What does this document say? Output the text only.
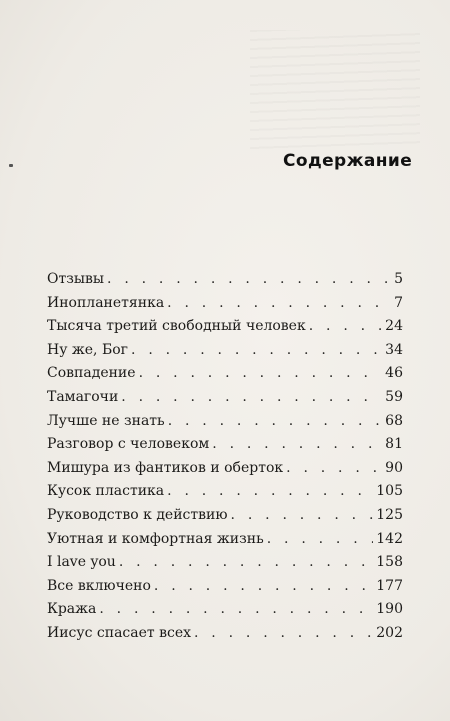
Содержание
Отзывы . . .	5
Инопланетянка . . .	7
Тысяча третий свободный человек . . .	24
Ну же, Бог . . .	34
Совпадение . . .	46
Тамагочи . . .	59
Лучше не знать . . .	68
Разговор с человеком . . .	81
Мишура из фантиков и оберток . . .	90
Кусок пластика . . .	105
Руководство к действию . . .	125
Уютная и комфортная жизнь . . .	142
I lave you . . .	158
Все включено . . .	177
Кража . . .	190
Иисус спасает всех . . .	202
